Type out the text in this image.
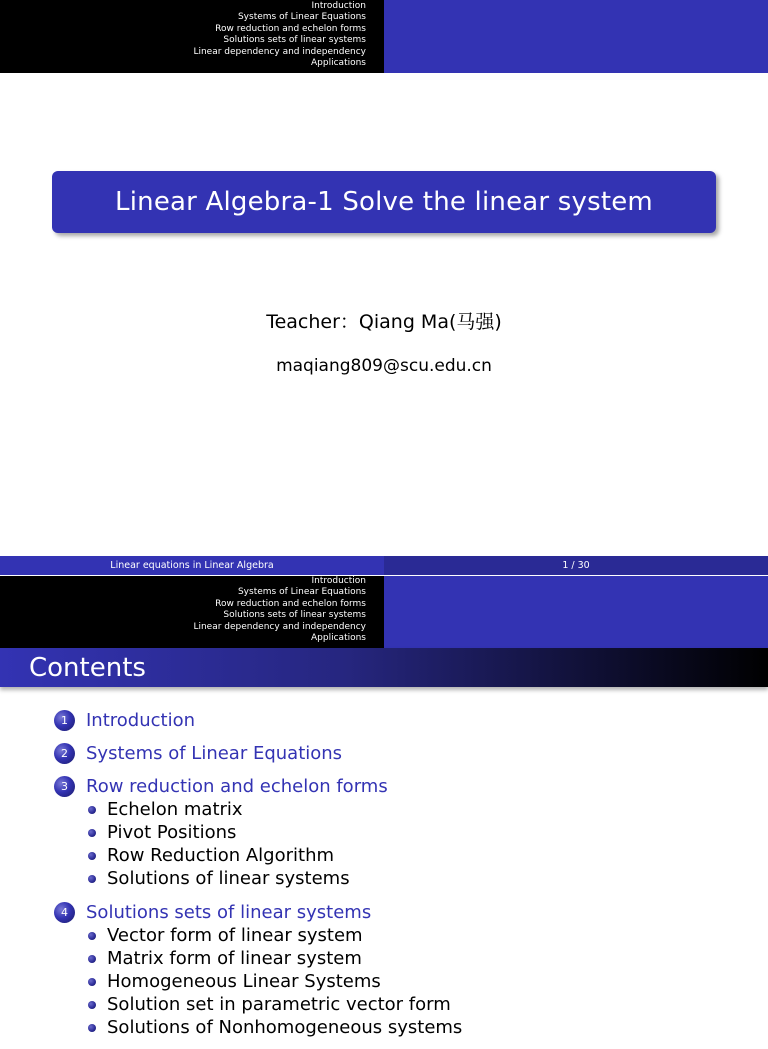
Introduction
Systems of Linear Equations
Row reduction and echelon forms
Solutions sets of linear systems
Linear dependency and independency
Applications
Linear Algebra-1 Solve the linear system
Teacher：Qiang Ma(马强)
maqiang809@scu.edu.cn
Linear equations in Linear Algebra	1 / 30
Introduction
Systems of Linear Equations
Row reduction and echelon forms
Solutions sets of linear systems
Linear dependency and independency
Applications
Contents
1	Introduction
2	Systems of Linear Equations
3	Row reduction and echelon forms
Echelon matrix
Pivot Positions
Row Reduction Algorithm
Solutions of linear systems
4	Solutions sets of linear systems
Vector form of linear system
Matrix form of linear system
Homogeneous Linear Systems
Solution set in parametric vector form
Solutions of Nonhomogeneous systems
